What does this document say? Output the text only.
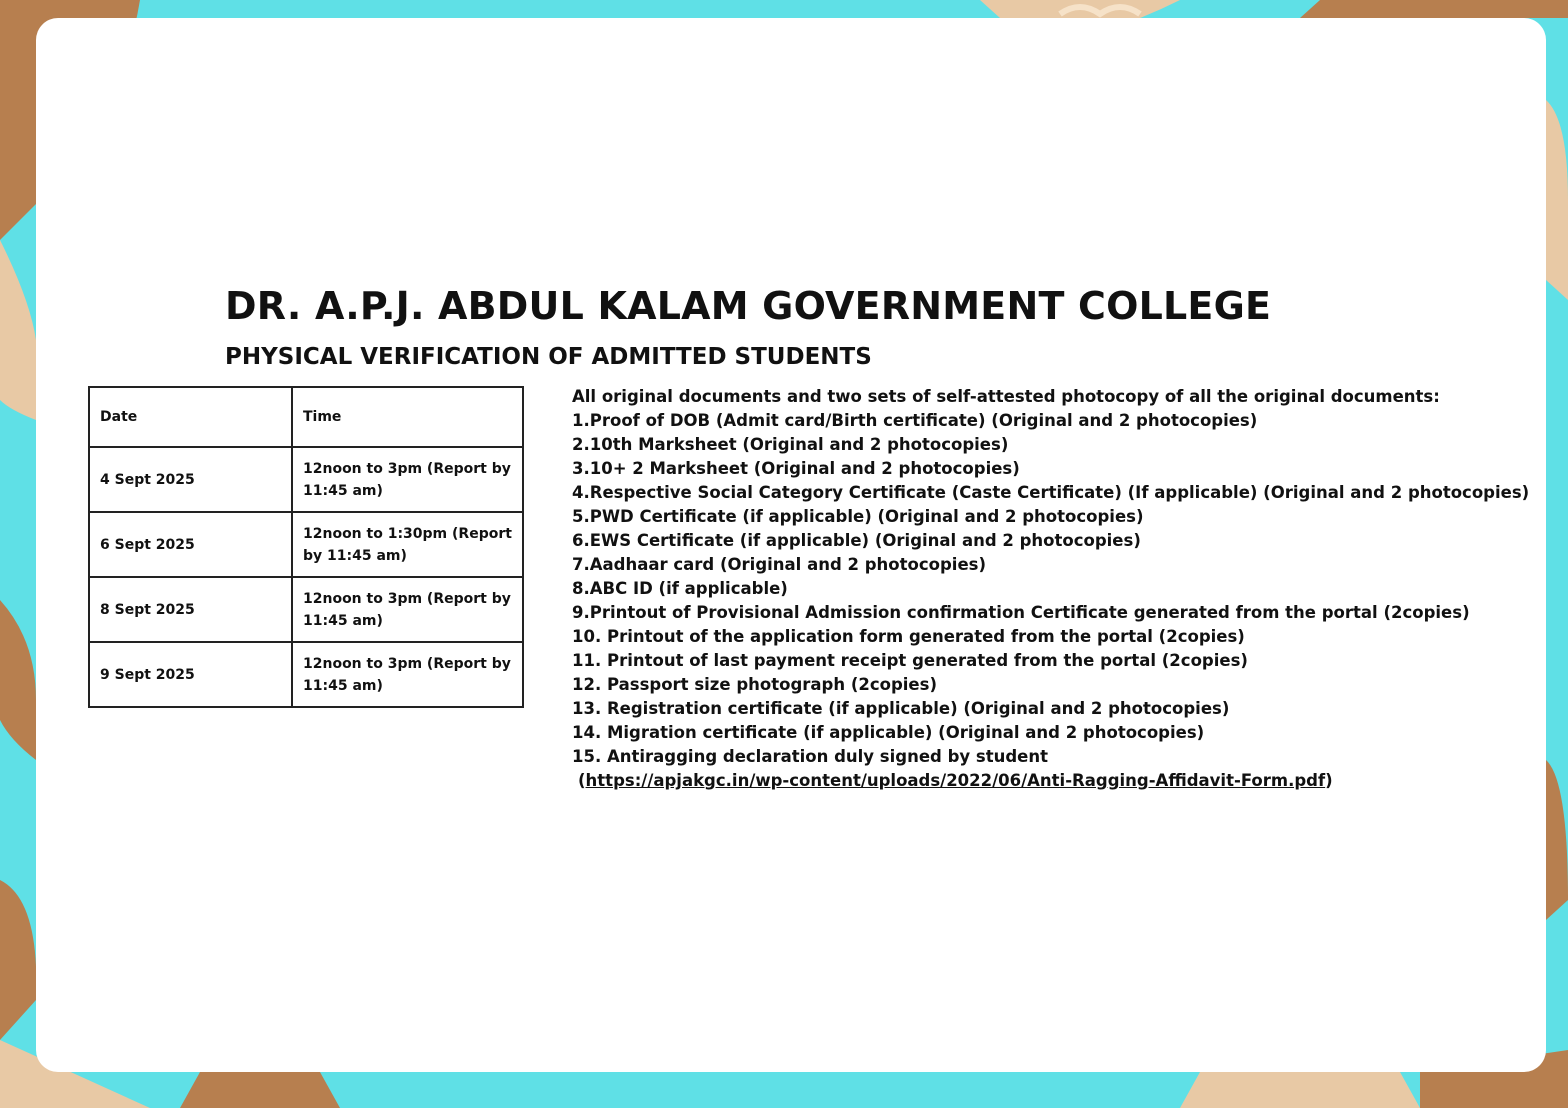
DR. A.P.J. ABDUL KALAM GOVERNMENT COLLEGE
PHYSICAL VERIFICATION OF ADMITTED STUDENTS
Date	Time
4 Sept 2025	12noon to 3pm (Report by 11:45 am)
6 Sept 2025	12noon to 1:30pm (Report by 11:45 am)
8 Sept 2025	12noon to 3pm (Report by 11:45 am)
9 Sept 2025	12noon to 3pm (Report by 11:45 am)
All original documents and two sets of self-attested photocopy of all the original documents:
1.Proof of DOB (Admit card/Birth certificate) (Original and 2 photocopies)
2.10th Marksheet (Original and 2 photocopies)
3.10+ 2 Marksheet (Original and 2 photocopies)
4.Respective Social Category Certificate (Caste Certificate) (If applicable) (Original and 2 photocopies)
5.PWD Certificate (if applicable) (Original and 2 photocopies)
6.EWS Certificate (if applicable) (Original and 2 photocopies)
7.Aadhaar card (Original and 2 photocopies)
8.ABC ID (if applicable)
9.Printout of Provisional Admission confirmation Certificate generated from the portal (2copies)
10. Printout of the application form generated from the portal (2copies)
11. Printout of last payment receipt generated from the portal (2copies)
12. Passport size photograph (2copies)
13. Registration certificate (if applicable) (Original and 2 photocopies)
14. Migration certificate (if applicable) (Original and 2 photocopies)
15. Antiragging declaration duly signed by student
(https://apjakgc.in/wp-content/uploads/2022/06/Anti-Ragging-Affidavit-Form.pdf)
